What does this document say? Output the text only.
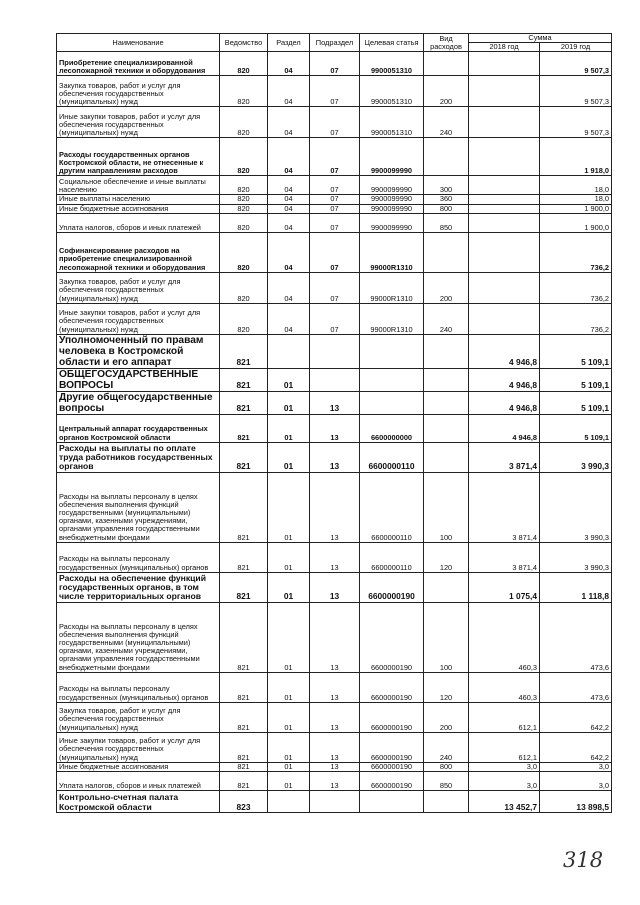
Наименование	Ведомство	Раздел	Подраздел	Целевая статья	Вид расходов	Сумма	
						2018 год	2019 год
Приобретение специализированной лесопожарной техники и оборудования	820	04	07	9900051310			9 507,3
Закупка товаров, работ и услуг для обеспечения государственных (муниципальных) нужд	820	04	07	9900051310	200		9 507,3
Иные закупки товаров, работ и услуг для обеспечения государственных (муниципальных) нужд	820	04	07	9900051310	240		9 507,3
Расходы государственных органов Костромской области, не отнесенные к другим направлениям расходов	820	04	07	9900099990			1 918,0
Социальное обеспечение и иные выплаты населению	820	04	07	9900099990	300		18,0
Иные выплаты населению	820	04	07	9900099990	360		18,0
Иные бюджетные ассигнования	820	04	07	9900099990	800		1 900,0
Уплата налогов, сборов и иных платежей	820	04	07	9900099990	850		1 900,0
Софинансирование расходов на приобретение специализированной лесопожарной техники и оборудования	820	04	07	99000R1310			736,2
Закупка товаров, работ и услуг для обеспечения государственных (муниципальных) нужд	820	04	07	99000R1310	200		736,2
Иные закупки товаров, работ и услуг для обеспечения государственных (муниципальных) нужд	820	04	07	99000R1310	240		736,2
Уполномоченный по правам человека в Костромской области и его аппарат	821					4 946,8	5 109,1
ОБЩЕГОСУДАРСТВЕННЫЕ ВОПРОСЫ	821	01				4 946,8	5 109,1
Другие общегосударственные вопросы	821	01	13			4 946,8	5 109,1
Центральный аппарат государственных органов Костромской области	821	01	13	6600000000		4 946,8	5 109,1
Расходы на выплаты по оплате труда работников государственных органов	821	01	13	6600000110		3 871,4	3 990,3
Расходы на выплаты персоналу в целях обеспечения выполнения функций государственными (муниципальными) органами, казенными учреждениями, органами управления государственными внебюджетными фондами	821	01	13	6600000110	100	3 871,4	3 990,3
Расходы на выплаты персоналу государственных (муниципальных) органов	821	01	13	6600000110	120	3 871,4	3 990,3
Расходы на обеспечение функций государственных органов, в том числе территориальных органов	821	01	13	6600000190		1 075,4	1 118,8
Расходы на выплаты персоналу в целях обеспечения выполнения функций государственными (муниципальными) органами, казенными учреждениями, органами управления государственными внебюджетными фондами	821	01	13	6600000190	100	460,3	473,6
Расходы на выплаты персоналу государственных (муниципальных) органов	821	01	13	6600000190	120	460,3	473,6
Закупка товаров, работ и услуг для обеспечения государственных (муниципальных) нужд	821	01	13	6600000190	200	612,1	642,2
Иные закупки товаров, работ и услуг для обеспечения государственных (муниципальных) нужд	821	01	13	6600000190	240	612,1	642,2
Иные бюджетные ассигнования	821	01	13	6600000190	800	3,0	3,0
Уплата налогов, сборов и иных платежей	821	01	13	6600000190	850	3,0	3,0
Контрольно-счетная палата Костромской области	823					13 452,7	13 898,5
318
